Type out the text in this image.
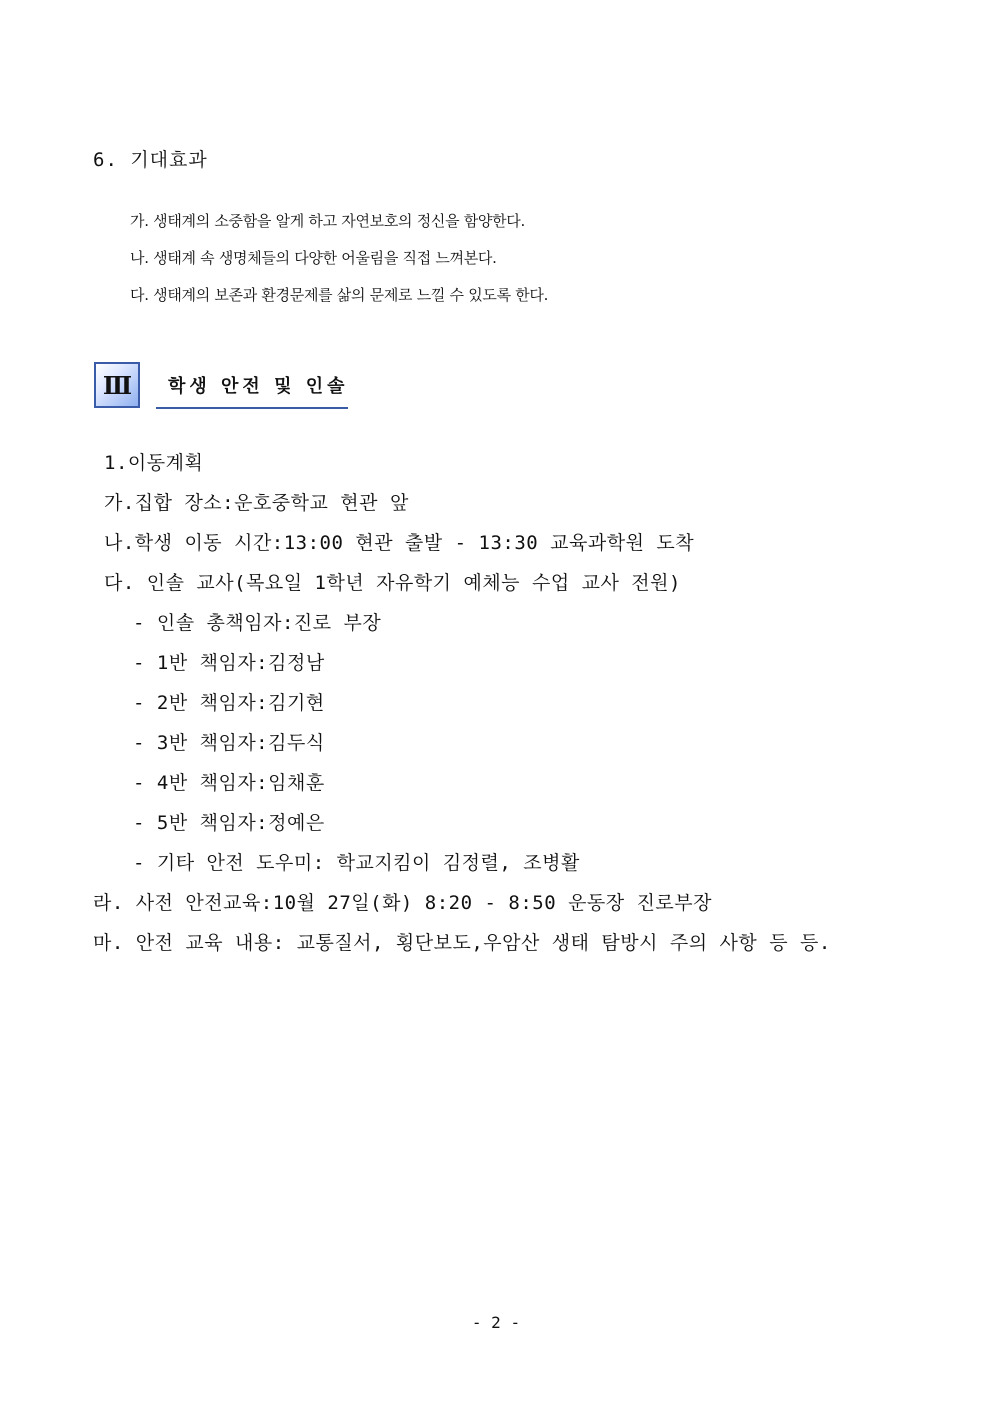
6. 기대효과
가. 생태계의 소중함을 알게 하고 자연보호의 정신을 함양한다.
나. 생태계 속 생명체들의 다양한 어울림을 직접 느껴본다.
다. 생태계의 보존과 환경문제를 삶의 문제로 느낄 수 있도록 한다.
Ⅲ 학생 안전 및 인솔
1.이동계획
가.집합 장소:운호중학교 현관 앞
나.학생 이동 시간:13:00 현관 출발 - 13:30 교육과학원 도착
다. 인솔 교사(목요일 1학년 자유학기 예체능 수업 교사 전원)
- 인솔 총책임자:진로 부장
- 1반 책임자:김정남
- 2반 책임자:김기현
- 3반 책임자:김두식
- 4반 책임자:임채훈
- 5반 책임자:정예은
- 기타 안전 도우미: 학교지킴이 김정렬, 조병활
라. 사전 안전교육:10월 27일(화) 8:20 - 8:50 운동장 진로부장
마. 안전 교육 내용: 교통질서, 횡단보도,우암산 생태 탐방시 주의 사항 등 등.
- 2 -
